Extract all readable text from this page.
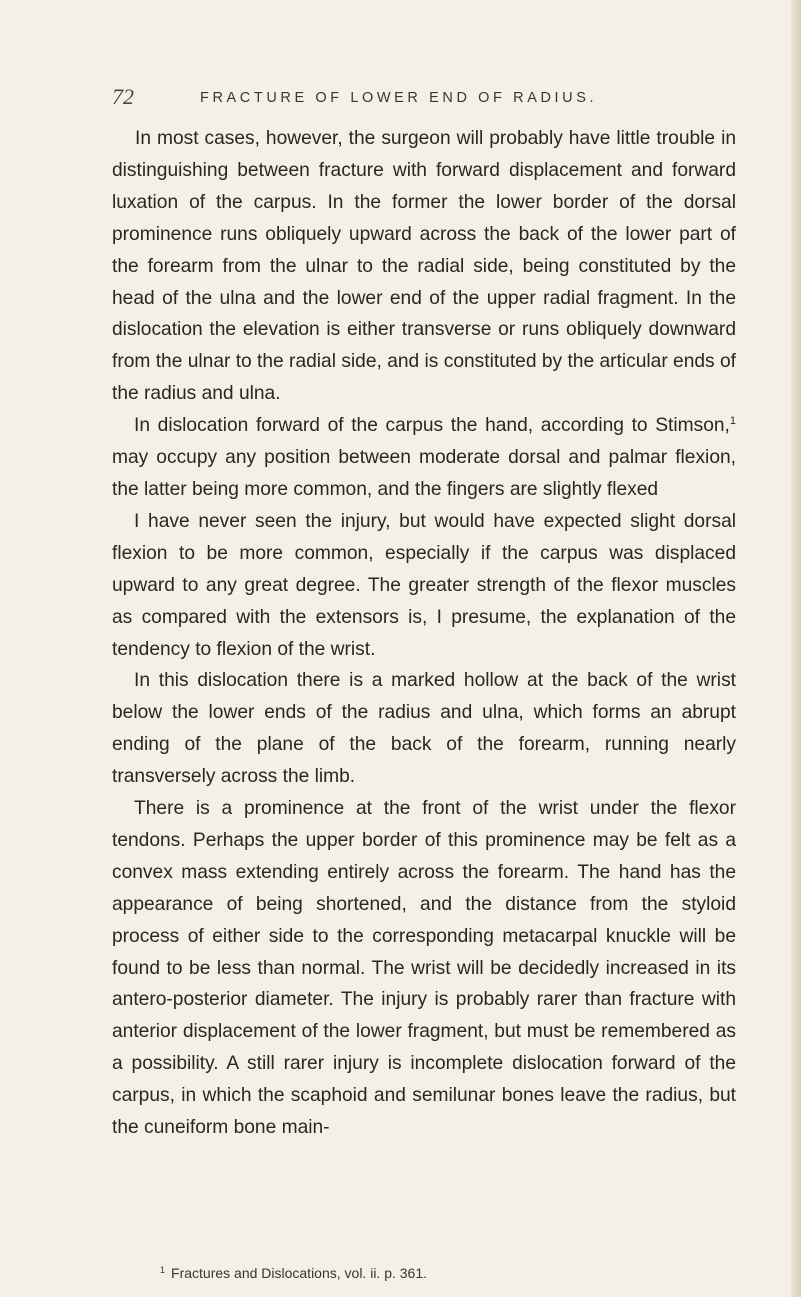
72	FRACTURE OF LOWER END OF RADIUS.

In most cases, however, the surgeon will probably have little trouble in distinguishing between fracture with forward displacement and forward luxation of the carpus. In the former the lower border of the dorsal prominence runs obliquely upward across the back of the lower part of the forearm from the ulnar to the radial side, being constituted by the head of the ulna and the lower end of the upper radial fragment. In the dislocation the elevation is either transverse or runs obliquely downward from the ulnar to the radial side, and is constituted by the articular ends of the radius and ulna.

In dislocation forward of the carpus the hand, according to Stimson,$^1$ may occupy any position between moderate dorsal and palmar flexion, the latter being more common, and the fingers are slightly flexed

I have never seen the injury, but would have expected slight dorsal flexion to be more common, especially if the carpus was displaced upward to any great degree. The greater strength of the flexor muscles as compared with the extensors is, I presume, the explanation of the tendency to flexion of the wrist.

In this dislocation there is a marked hollow at the back of the wrist below the lower ends of the radius and ulna, which forms an abrupt ending of the plane of the back of the forearm, running nearly transversely across the limb.

There is a prominence at the front of the wrist under the flexor tendons. Perhaps the upper border of this prominence may be felt as a convex mass extending entirely across the forearm. The hand has the appearance of being shortened, and the distance from the styloid process of either side to the corresponding metacarpal knuckle will be found to be less than normal. The wrist will be decidedly increased in its antero-posterior diameter. The injury is probably rarer than fracture with anterior displacement of the lower fragment, but must be remembered as a possibility. A still rarer injury is incomplete dislocation forward of the carpus, in which the scaphoid and semilunar bones leave the radius, but the cuneiform bone main-

$^1$ Fractures and Dislocations, vol. ii. p. 361.
